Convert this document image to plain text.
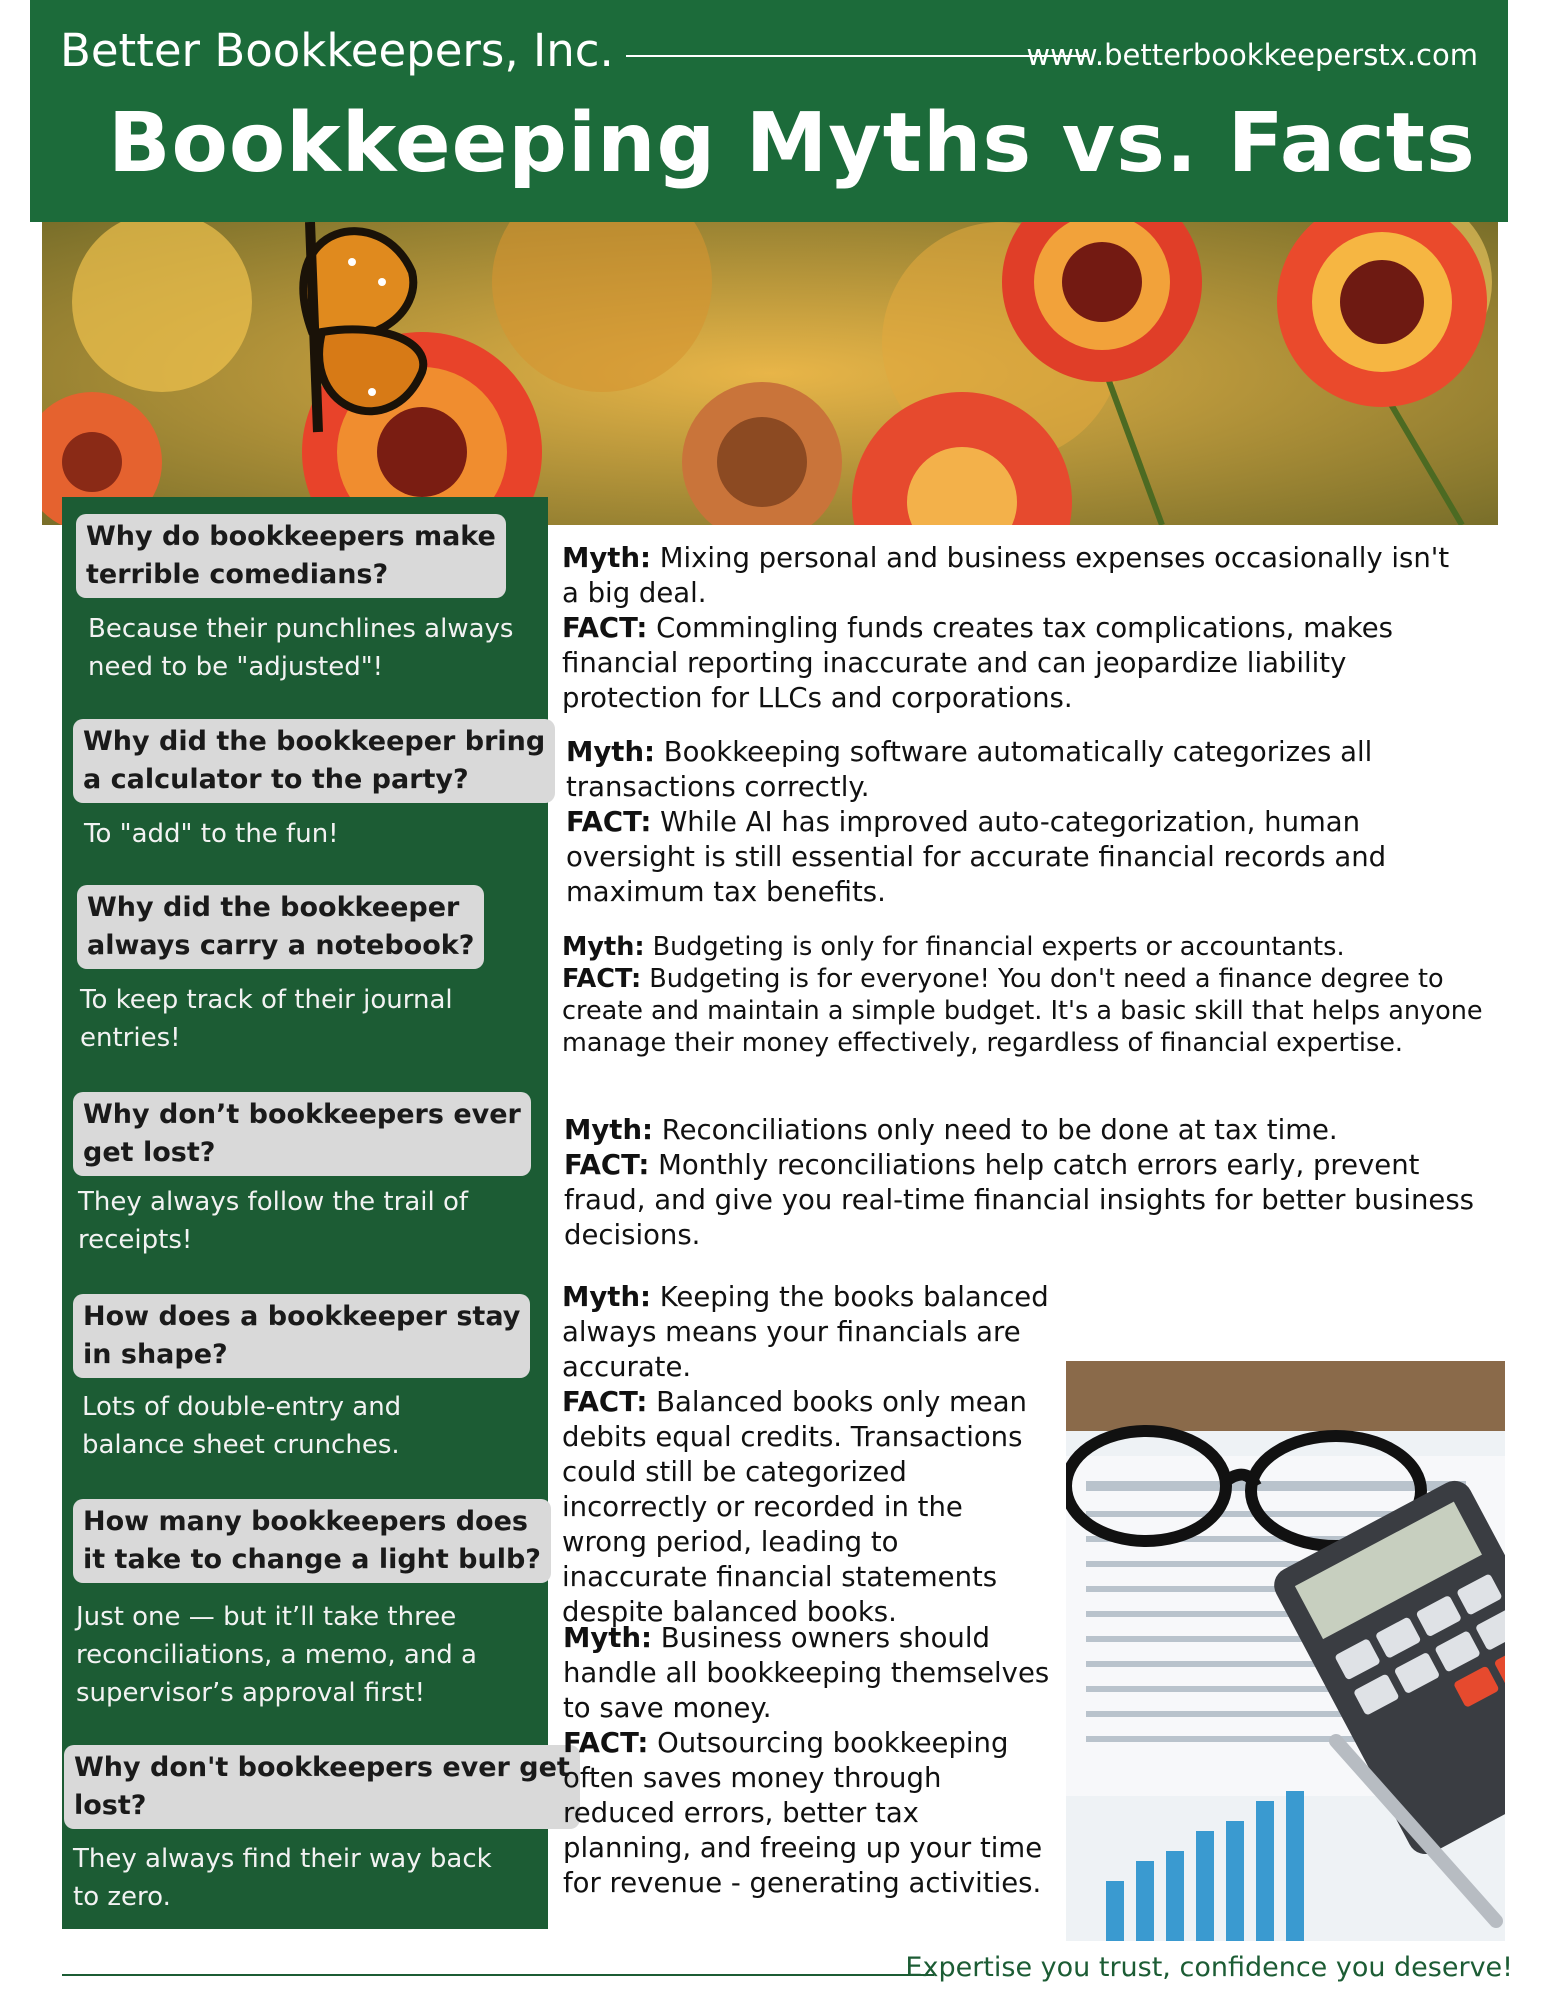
Better Bookkeepers, Inc.	www.betterbookkeeperstx.com
Bookkeeping Myths vs. Facts
Why do bookkeepers make
terrible comedians?
Because their punchlines always
need to be "adjusted"!
Why did the bookkeeper bring
a calculator to the party?
To "add" to the fun!
Why did the bookkeeper
always carry a notebook?
To keep track of their journal
entries!
Why don’t bookkeepers ever
get lost?
They always follow the trail of
receipts!
How does a bookkeeper stay
in shape?
Lots of double-entry and
balance sheet crunches.
How many bookkeepers does
it take to change a light bulb?
Just one — but it’ll take three
reconciliations, a memo, and a
supervisor’s approval first!
Why don't bookkeepers ever get
lost?
They always find their way back
to zero.

Myth: Mixing personal and business expenses occasionally isn't a big deal.

FACT: Commingling funds creates tax complications, makes financial reporting inaccurate and can jeopardize liability protection for LLCs and corporations.

Myth: Bookkeeping software automatically categorizes all transactions correctly.

FACT: While AI has improved auto-categorization, human oversight is still essential for accurate financial records and maximum tax benefits.

Myth: Budgeting is only for financial experts or accountants.

FACT: Budgeting is for everyone! You don't need a finance degree to create and maintain a simple budget. It's a basic skill that helps anyone manage their money effectively, regardless of financial expertise.

Myth: Reconciliations only need to be done at tax time.

FACT: Monthly reconciliations help catch errors early, prevent fraud, and give you real-time financial insights for better business decisions.

Myth: Keeping the books balanced always means your financials are accurate.

FACT: Balanced books only mean debits equal credits. Transactions could still be categorized incorrectly or recorded in the wrong period, leading to inaccurate financial statements despite balanced books.

Myth: Business owners should handle all bookkeeping themselves to save money.

FACT: Outsourcing bookkeeping often saves money through reduced errors, better tax planning, and freeing up your time for revenue - generating activities.

Expertise you trust, confidence you deserve!
